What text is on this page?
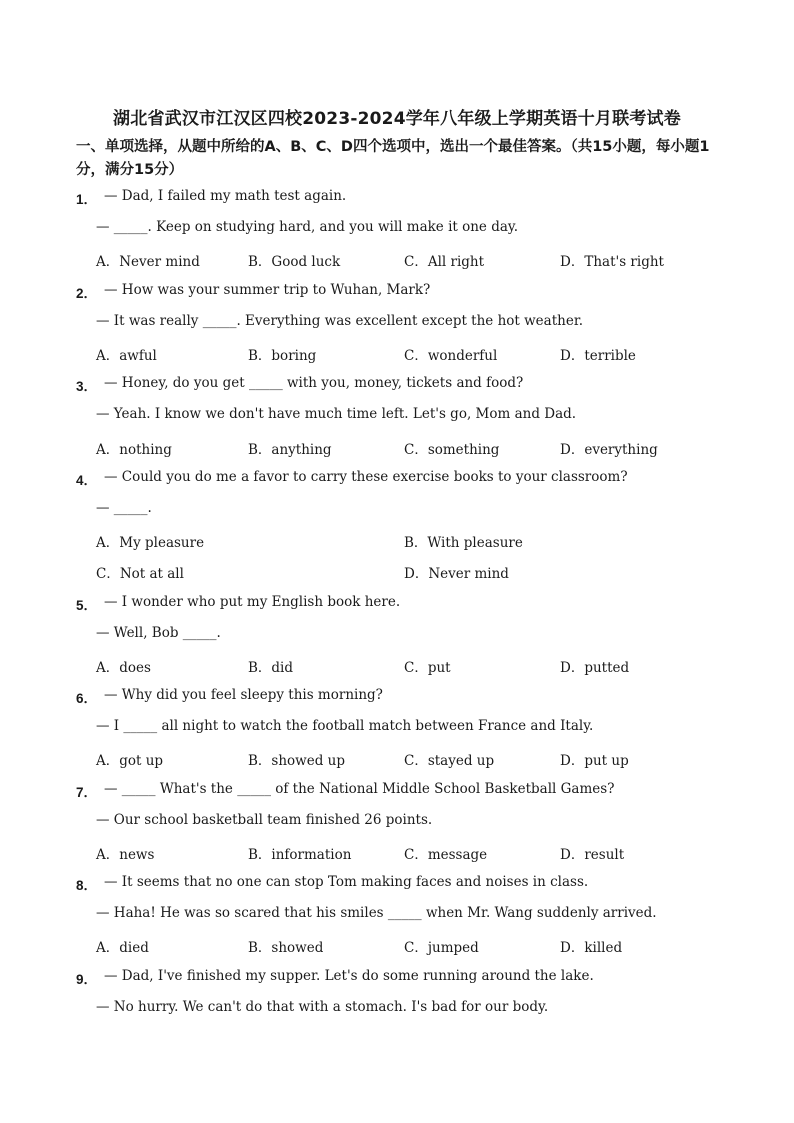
湖北省武汉市江汉区四校2023-2024学年八年级上学期英语十月联考试卷
一、单项选择，从题中所给的A、B、C、D四个选项中，选出一个最佳答案。（共15小题，每小题1分，满分15分）
1． — Dad, I failed my math test again.
— _____. Keep on studying hard, and you will make it one day.
A．Never mind	B．Good luck	C．All right	D．That's right
2． — How was your summer trip to Wuhan, Mark?
— It was really _____. Everything was excellent except the hot weather.
A．awful	B．boring	C．wonderful	D．terrible
3． — Honey, do you get _____ with you, money, tickets and food?
— Yeah. I know we don't have much time left. Let's go, Mom and Dad.
A．nothing	B．anything	C．something	D．everything
4． — Could you do me a favor to carry these exercise books to your classroom?
— _____.
A．My pleasure	B．With pleasure
C．Not at all	D．Never mind
5． — I wonder who put my English book here.
— Well, Bob _____.
A．does	B．did	C．put	D．putted
6． — Why did you feel sleepy this morning?
— I _____ all night to watch the football match between France and Italy.
A．got up	B．showed up	C．stayed up	D．put up
7． — _____ What's the _____ of the National Middle School Basketball Games?
— Our school basketball team finished 26 points.
A．news	B．information	C．message	D．result
8． — It seems that no one can stop Tom making faces and noises in class.
— Haha! He was so scared that his smiles _____ when Mr. Wang suddenly arrived.
A．died	B．showed	C．jumped	D．killed
9． — Dad, I've finished my supper. Let's do some running around the lake.
— No hurry. We can't do that with a stomach. I's bad for our body.
